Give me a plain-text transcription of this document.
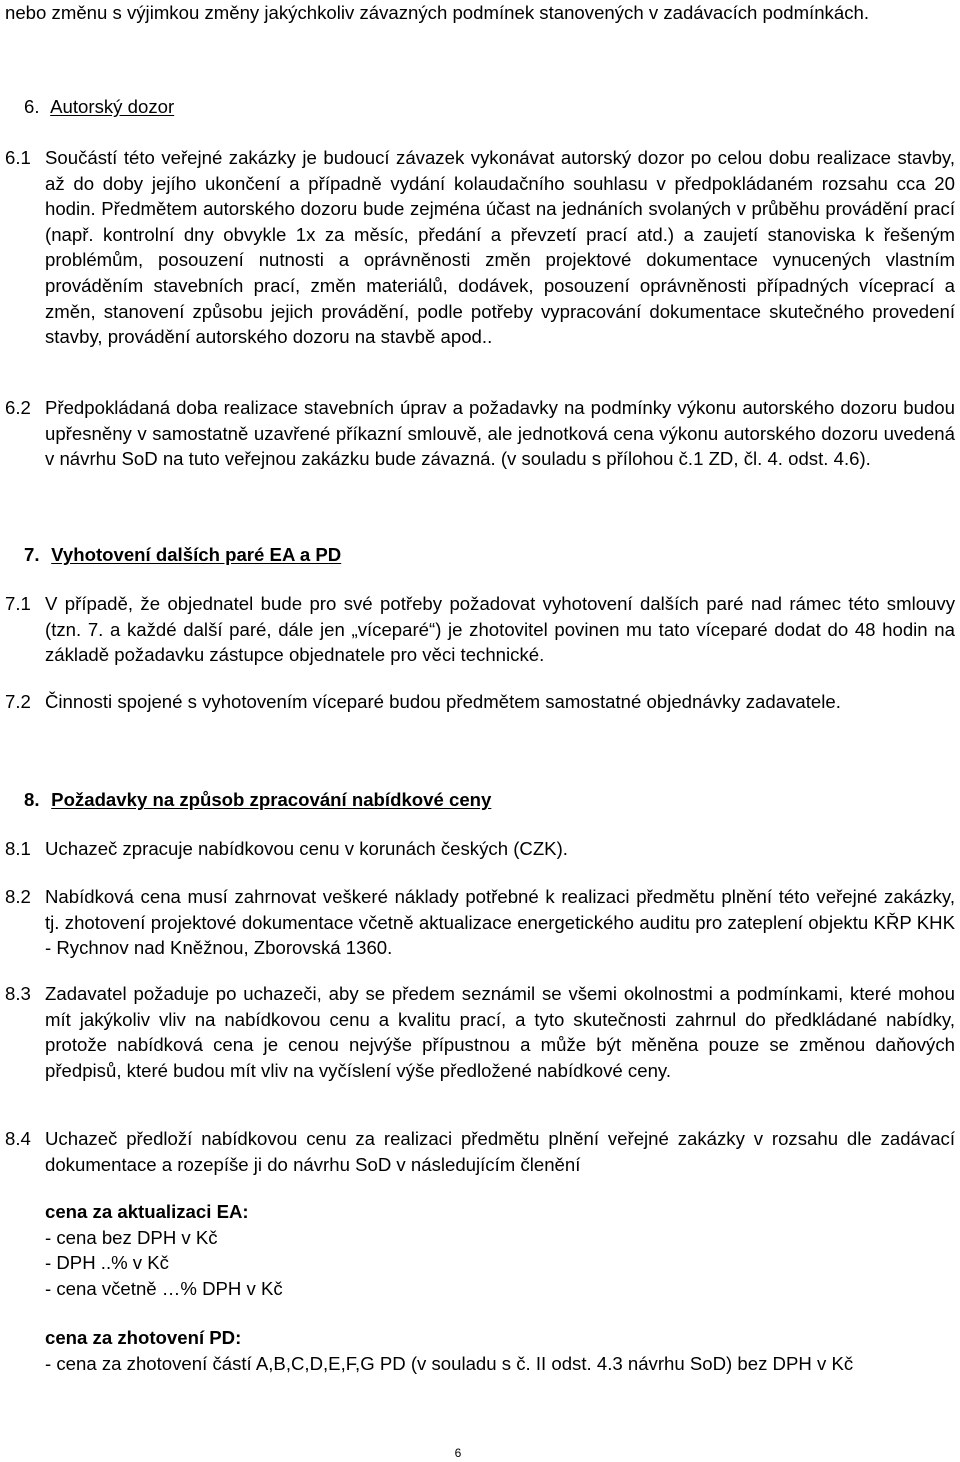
nebo změnu s výjimkou změny jakýchkoliv závazných podmínek stanovených v zadávacích podmínkách.
6. Autorský dozor
6.1 Součástí této veřejné zakázky je budoucí závazek vykonávat autorský dozor po celou dobu realizace stavby, až do doby jejího ukončení a případně vydání kolaudačního souhlasu v předpokládaném rozsahu cca 20 hodin. Předmětem autorského dozoru bude zejména účast na jednáních svolaných v průběhu provádění prací (např. kontrolní dny obvykle 1x za měsíc, předání a převzetí prací atd.) a zaujetí stanoviska k řešeným problémům, posouzení nutnosti a oprávněnosti změn projektové dokumentace vynucených vlastním prováděním stavebních prací, změn materiálů, dodávek, posouzení oprávněnosti případných víceprací a změn, stanovení způsobu jejich provádění, podle potřeby vypracování dokumentace skutečného provedení stavby, provádění autorského dozoru na stavbě apod..
6.2 Předpokládaná doba realizace stavebních úprav a požadavky na podmínky výkonu autorského dozoru budou upřesněny v samostatně uzavřené příkazní smlouvě, ale jednotková cena výkonu autorského dozoru uvedená v návrhu SoD na tuto veřejnou zakázku bude závazná. (v souladu s přílohou č.1 ZD, čl. 4. odst. 4.6).
7. Vyhotovení dalších paré EA a PD
7.1 V případě, že objednatel bude pro své potřeby požadovat vyhotovení dalších paré nad rámec této smlouvy (tzn. 7. a každé další paré, dále jen „víceparé“) je zhotovitel povinen mu tato víceparé dodat do 48 hodin na základě požadavku zástupce objednatele pro věci technické.
7.2 Činnosti spojené s vyhotovením víceparé budou předmětem samostatné objednávky zadavatele.
8. Požadavky na způsob zpracování nabídkové ceny
8.1 Uchazeč zpracuje nabídkovou cenu v korunách českých (CZK).
8.2 Nabídková cena musí zahrnovat veškeré náklady potřebné k realizaci předmětu plnění této veřejné zakázky, tj. zhotovení projektové dokumentace včetně aktualizace energetického auditu pro zateplení objektu KŘP KHK - Rychnov nad Kněžnou, Zborovská 1360.
8.3 Zadavatel požaduje po uchazeči, aby se předem seznámil se všemi okolnostmi a podmínkami, které mohou mít jakýkoliv vliv na nabídkovou cenu a kvalitu prací, a tyto skutečnosti zahrnul do předkládané nabídky, protože nabídková cena je cenou nejvýše přípustnou a může být měněna pouze se změnou daňových předpisů, které budou mít vliv na vyčíslení výše předložené nabídkové ceny.
8.4 Uchazeč předloží nabídkovou cenu za realizaci předmětu plnění veřejné zakázky v rozsahu dle zadávací dokumentace a rozepíše ji do návrhu SoD v následujícím členění
cena za aktualizaci EA:
- cena bez DPH v Kč
- DPH ..% v Kč
- cena včetně …% DPH v Kč
cena za zhotovení PD:
- cena za zhotovení částí A,B,C,D,E,F,G PD (v souladu s č. II odst. 4.3 návrhu SoD) bez DPH v Kč
6
